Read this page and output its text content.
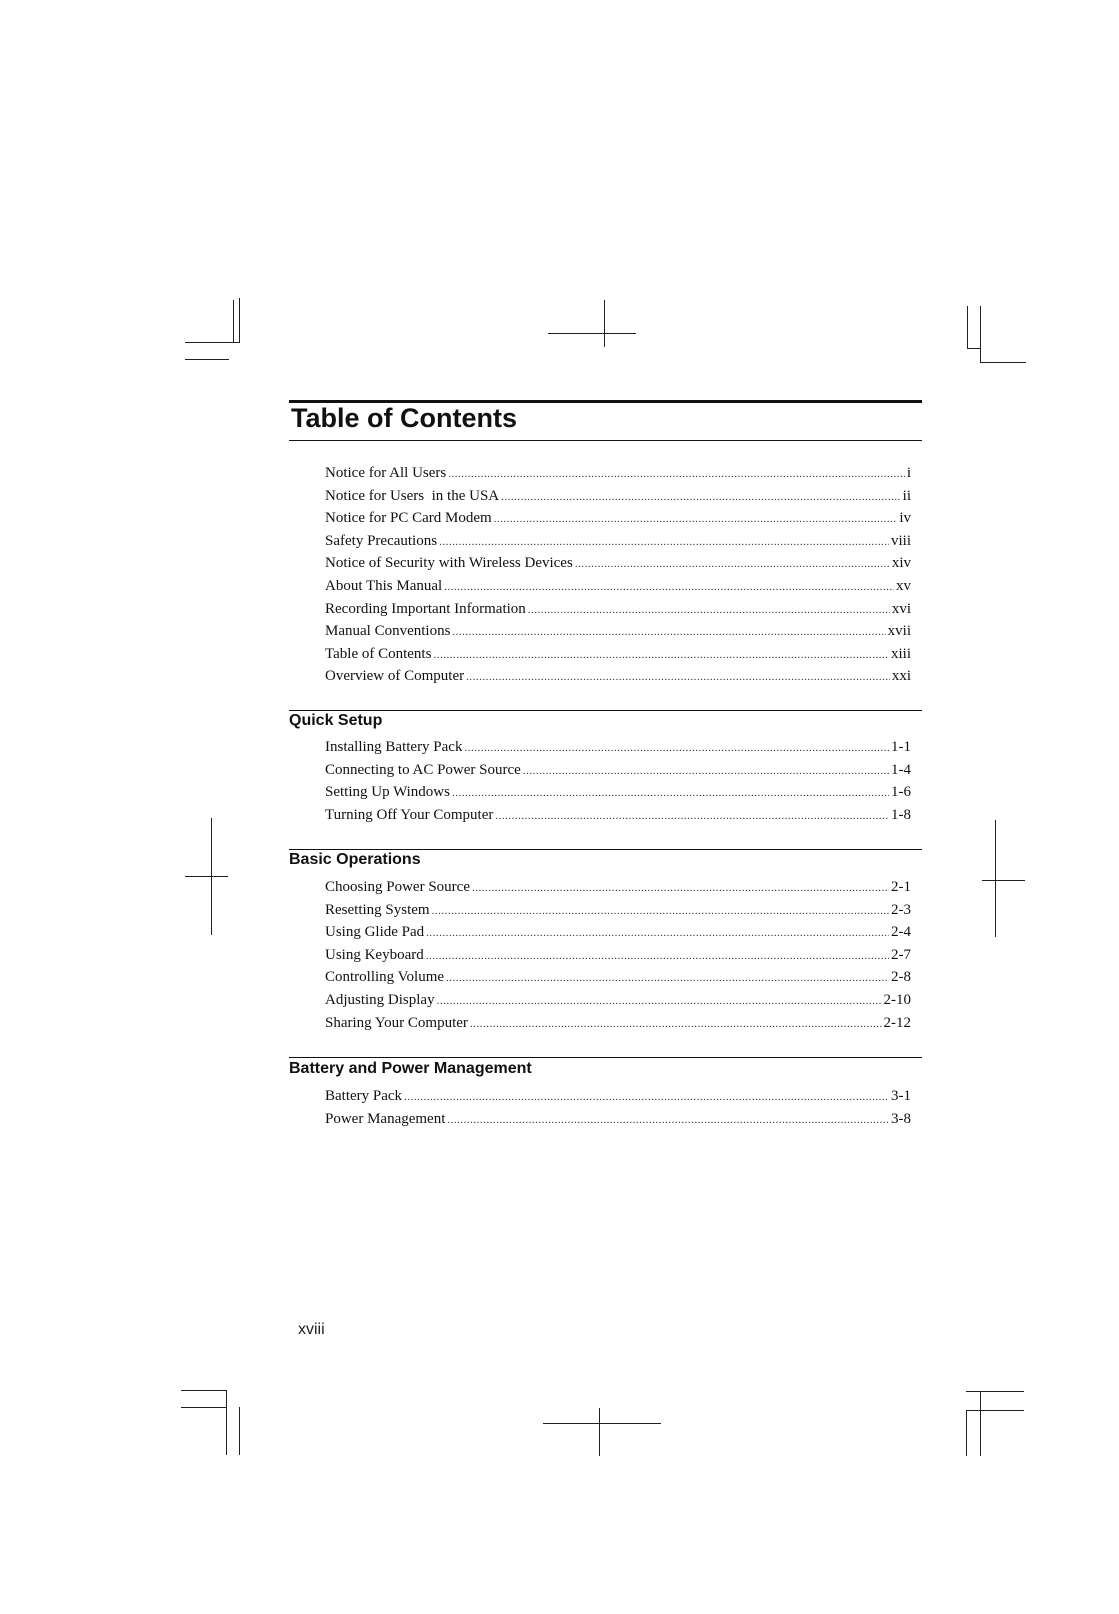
Table of Contents
Notice for All Users .....	i
Notice for Users  in the USA .....	ii
Notice for PC Card Modem .....	iv
Safety Precautions .....	viii
Notice of Security with Wireless Devices .....	xiv
About This Manual .....	xv
Recording Important Information .....	xvi
Manual Conventions .....	xvii
Table of Contents .....	xiii
Overview of Computer .....	xxi
Quick Setup
Installing Battery Pack .....	1-1
Connecting to AC Power Source .....	1-4
Setting Up Windows .....	1-6
Turning Off Your Computer .....	1-8
Basic Operations
Choosing Power Source .....	2-1
Resetting System .....	2-3
Using Glide Pad .....	2-4
Using Keyboard .....	2-7
Controlling Volume .....	2-8
Adjusting Display .....	2-10
Sharing Your Computer .....	2-12
Battery and Power Management
Battery Pack .....	3-1
Power Management .....	3-8

xviii
